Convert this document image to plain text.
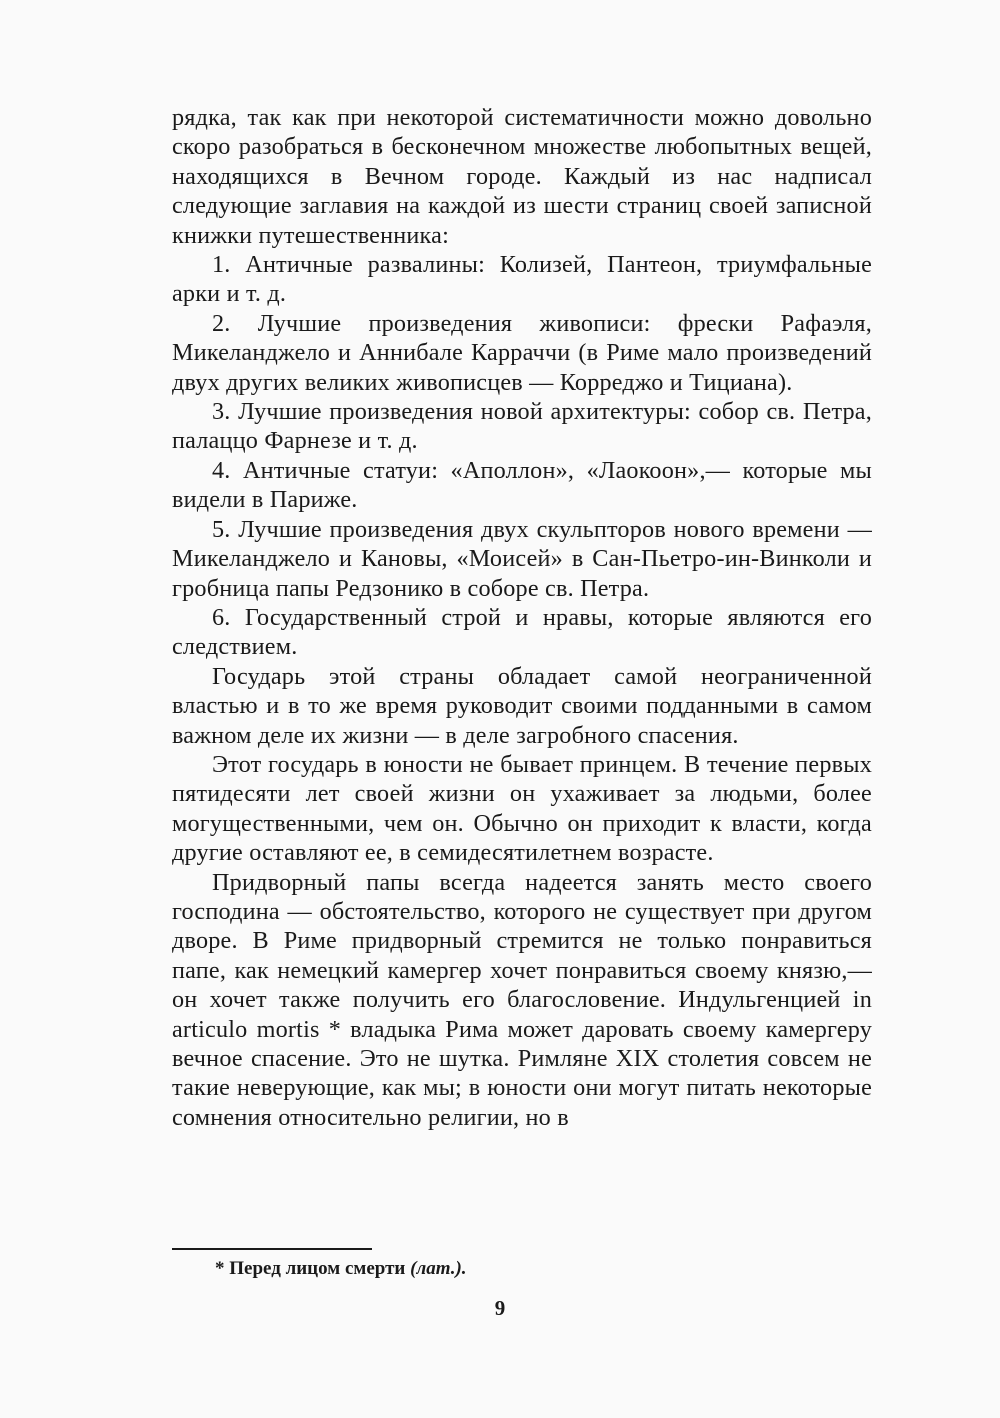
рядка, так как при некоторой систематичности можно довольно скоро разобраться в бесконечном множестве любопытных вещей, находящихся в Вечном городе. Каждый из нас надписал следующие заглавия на каждой из шести страниц своей записной книжки путешественника:

1. Античные развалины: Колизей, Пантеон, триумфальные арки и т. д.

2. Лучшие произведения живописи: фрески Рафаэля, Микеланджело и Аннибале Карраччи (в Риме мало произведений двух других великих живописцев — Корреджо и Тициана).

3. Лучшие произведения новой архитектуры: собор св. Петра, палаццо Фарнезе и т. д.

4. Античные статуи: «Аполлон», «Лаокоон»,— которые мы видели в Париже.

5. Лучшие произведения двух скульпторов нового времени — Микеланджело и Кановы, «Моисей» в Сан-Пьетро-ин-Винколи и гробница папы Редзонико в соборе св. Петра.

6. Государственный строй и нравы, которые являются его следствием.

Государь этой страны обладает самой неограниченной властью и в то же время руководит своими подданными в самом важном деле их жизни — в деле загробного спасения.

Этот государь в юности не бывает принцем. В течение первых пятидесяти лет своей жизни он ухаживает за людьми, более могущественными, чем он. Обычно он приходит к власти, когда другие оставляют ее, в семидесятилетнем возрасте.

Придворный папы всегда надеется занять место своего господина — обстоятельство, которого не существует при другом дворе. В Риме придворный стремится не только понравиться папе, как немецкий камергер хочет понравиться своему князю,— он хочет также получить его благословение. Индульгенцией in articulo mortis * владыка Рима может даровать своему камергеру вечное спасение. Это не шутка. Римляне XIX столетия совсем не такие неверующие, как мы; в юности они могут питать некоторые сомнения относительно религии, но в

* Перед лицом смерти (лат.).
9
